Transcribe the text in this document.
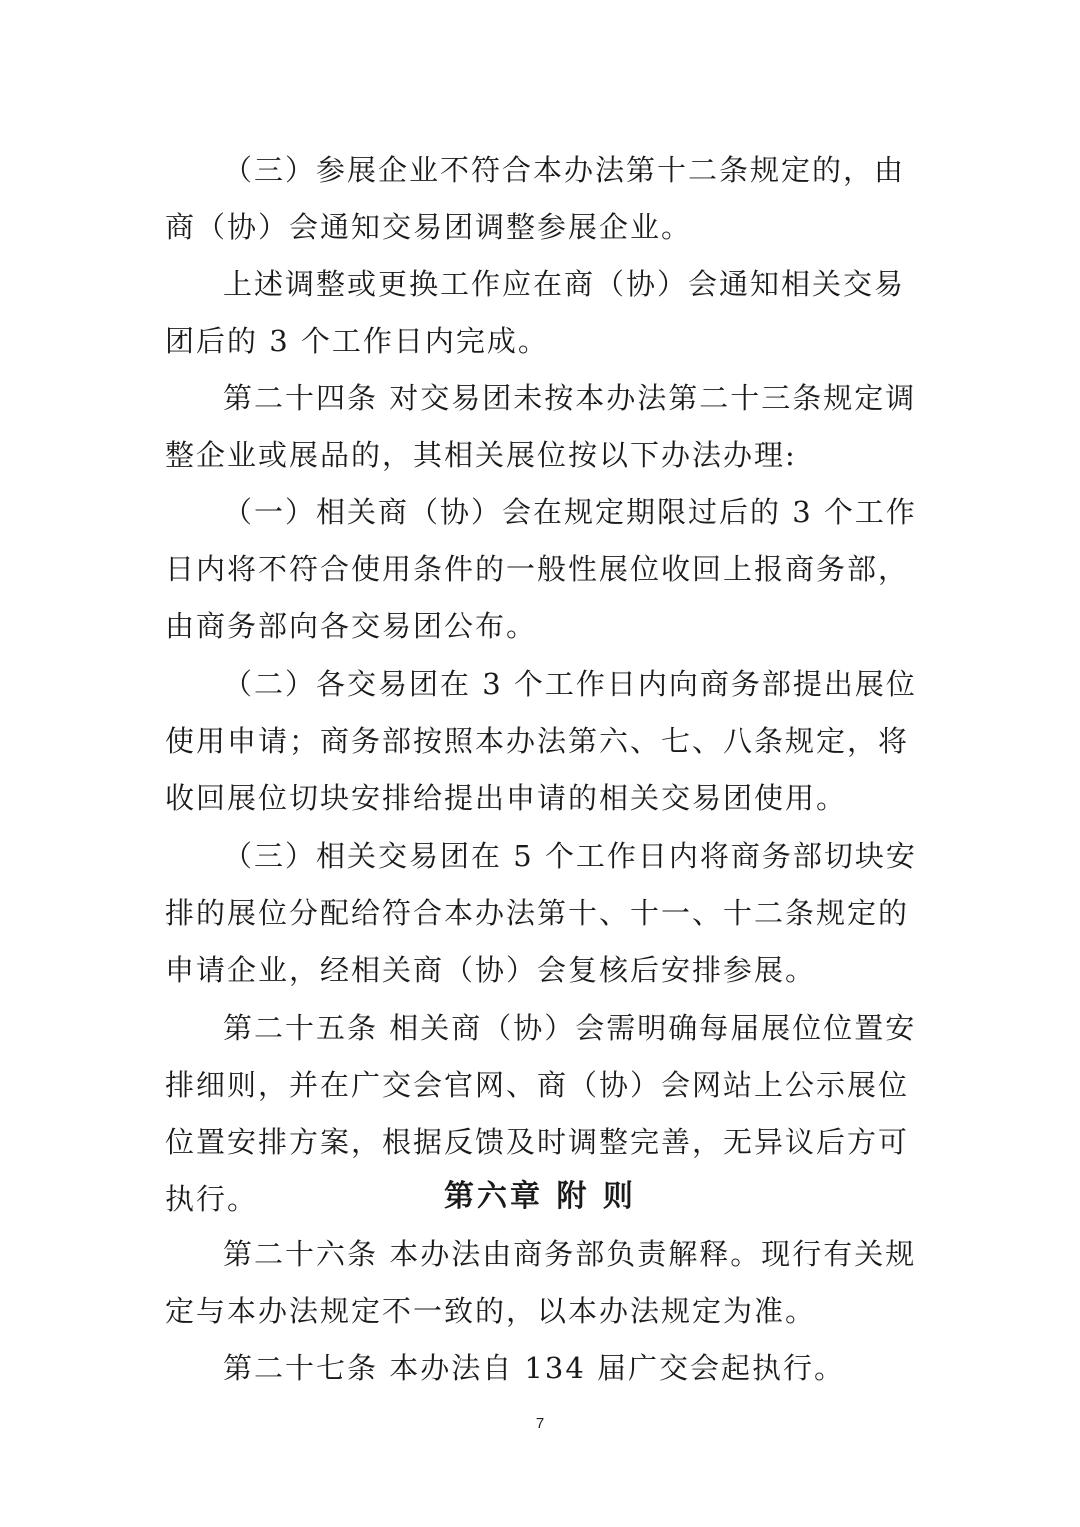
（三）参展企业不符合本办法第十二条规定的，由商（协）会通知交易团调整参展企业。

上述调整或更换工作应在商（协）会通知相关交易团后的 3 个工作日内完成。

第二十四条 对交易团未按本办法第二十三条规定调整企业或展品的，其相关展位按以下办法办理:

（一）相关商（协）会在规定期限过后的 3 个工作日内将不符合使用条件的一般性展位收回上报商务部，由商务部向各交易团公布。

（二）各交易团在 3 个工作日内向商务部提出展位使用申请；商务部按照本办法第六、七、八条规定，将收回展位切块安排给提出申请的相关交易团使用。

（三）相关交易团在 5 个工作日内将商务部切块安排的展位分配给符合本办法第十、十一、十二条规定的申请企业，经相关商（协）会复核后安排参展。

第二十五条 相关商（协）会需明确每届展位位置安排细则，并在广交会官网、商（协）会网站上公示展位位置安排方案，根据反馈及时调整完善，无异议后方可执行。	第六章 附 则

第二十六条 本办法由商务部负责解释。现行有关规定与本办法规定不一致的，以本办法规定为准。

第二十七条 本办法自 134 届广交会起执行。

7
